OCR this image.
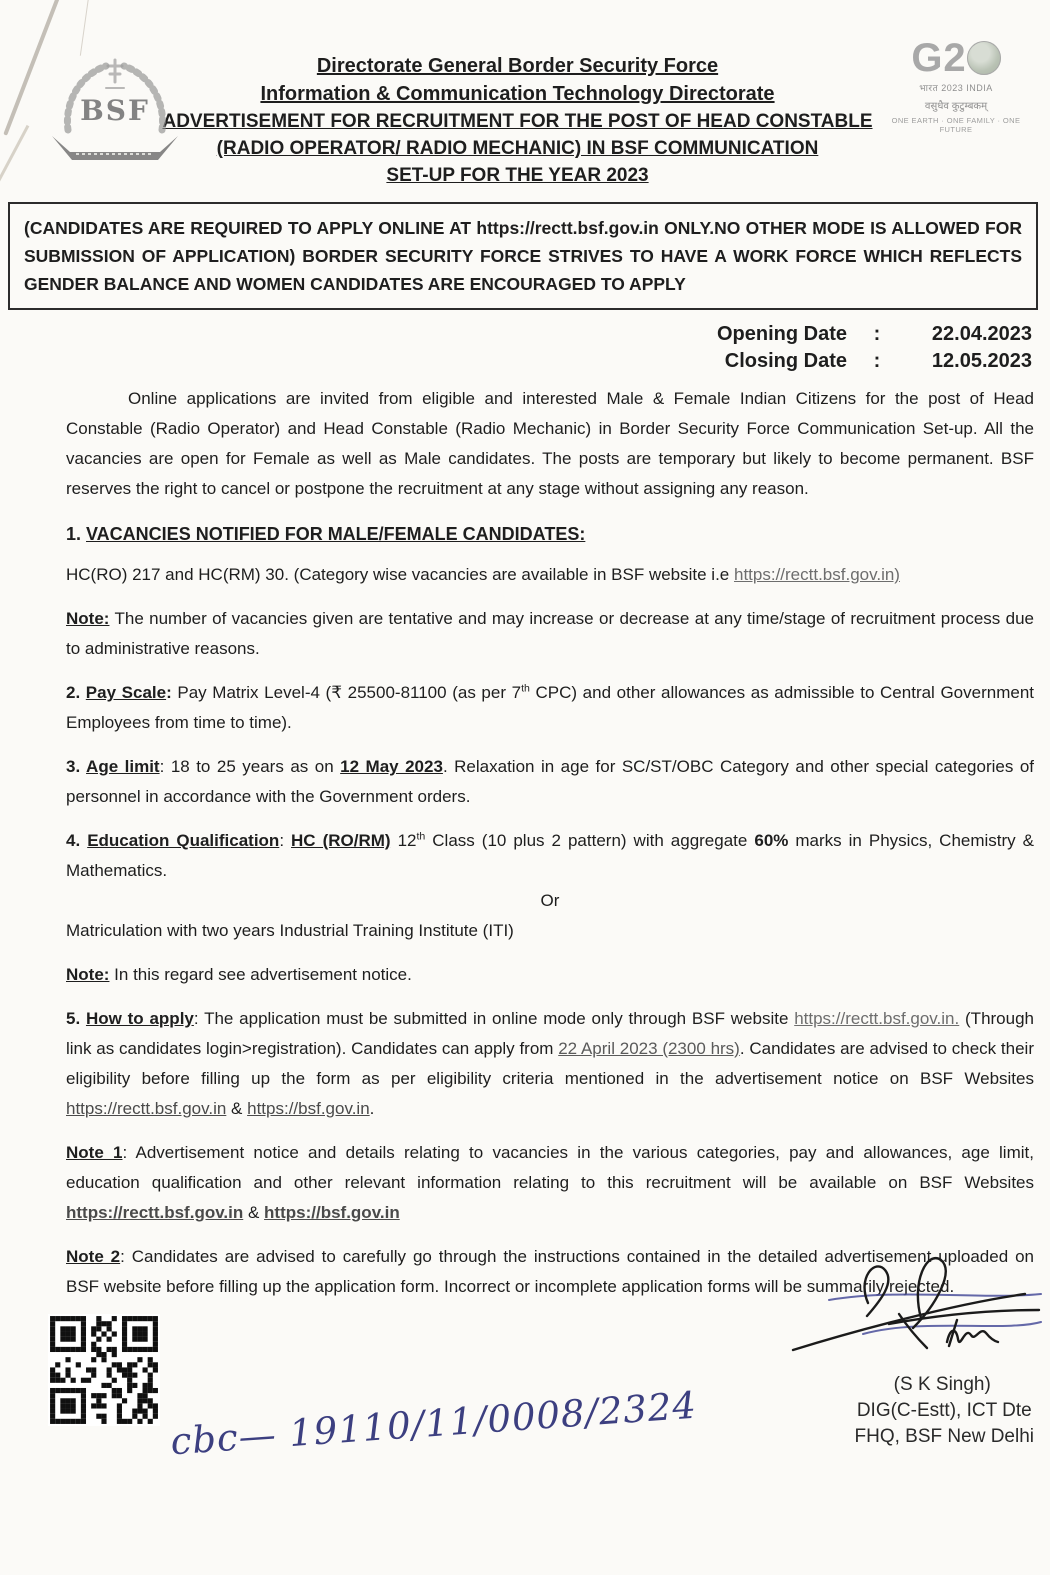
BSF
G2
भारत 2023 INDIA
वसुधैव कुटुम्बकम्
ONE EARTH · ONE FAMILY · ONE FUTURE
Directorate General Border Security Force
Information & Communication Technology Directorate
ADVERTISEMENT FOR RECRUITMENT FOR THE POST OF HEAD CONSTABLE
(RADIO OPERATOR/ RADIO MECHANIC) IN BSF COMMUNICATION
SET-UP FOR THE YEAR 2023
(CANDIDATES ARE REQUIRED TO APPLY ONLINE AT https://rectt.bsf.gov.in ONLY.NO OTHER MODE IS ALLOWED FOR SUBMISSION OF APPLICATION) BORDER SECURITY FORCE STRIVES TO HAVE A WORK FORCE WHICH REFLECTS GENDER BALANCE AND WOMEN CANDIDATES ARE ENCOURAGED TO APPLY
Opening Date	:	22.04.2023
Closing Date	:	12.05.2023

Online applications are invited from eligible and interested Male & Female Indian Citizens for the post of Head Constable (Radio Operator) and Head Constable (Radio Mechanic) in Border Security Force Communication Set-up. All the vacancies are open for Female as well as Male candidates. The posts are temporary but likely to become permanent. BSF reserves the right to cancel or postpone the recruitment at any stage without assigning any reason.

1. VACANCIES NOTIFIED FOR MALE/FEMALE CANDIDATES:

HC(RO) 217 and HC(RM) 30. (Category wise vacancies are available in BSF website i.e https://rectt.bsf.gov.in)

Note: The number of vacancies given are tentative and may increase or decrease at any time/stage of recruitment process due to administrative reasons.

2. Pay Scale: Pay Matrix Level-4 (₹ 25500-81100 (as per 7th CPC) and other allowances as admissible to Central Government Employees from time to time).

3. Age limit: 18 to 25 years as on 12 May 2023. Relaxation in age for SC/ST/OBC Category and other special categories of personnel in accordance with the Government orders.

4. Education Qualification: HC (RO/RM) 12th Class (10 plus 2 pattern) with aggregate 60% marks in Physics, Chemistry & Mathematics.

Or

Matriculation with two years Industrial Training Institute (ITI)

Note: In this regard see advertisement notice.

5. How to apply: The application must be submitted in online mode only through BSF website https://rectt.bsf.gov.in. (Through link as candidates login>registration). Candidates can apply from 22 April 2023 (2300 hrs). Candidates are advised to check their eligibility before filling up the form as per eligibility criteria mentioned in the advertisement notice on BSF Websites https://rectt.bsf.gov.in & https://bsf.gov.in.

Note 1: Advertisement notice and details relating to vacancies in the various categories, pay and allowances, age limit, education qualification and other relevant information relating to this recruitment will be available on BSF Websites https://rectt.bsf.gov.in & https://bsf.gov.in

Note 2: Candidates are advised to carefully go through the instructions contained in the detailed advertisement uploaded on BSF website before filling up the application form. Incorrect or incomplete application forms will be summarily rejected.

cbc— 19110/11/0008/2324	(S K Singh)
DIG(C-Estt), ICT Dte
FHQ, BSF New Delhi
